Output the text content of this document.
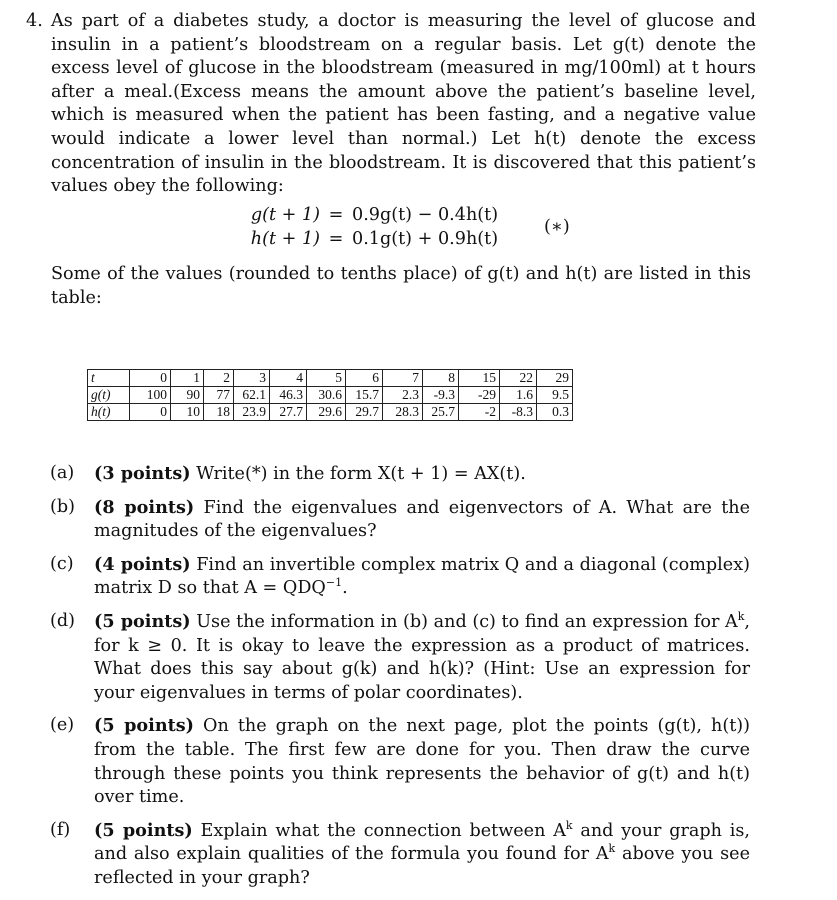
4. As part of a diabetes study, a doctor is measuring the level of glucose and insulin in a patient’s bloodstream on a regular basis. Let g(t) denote the excess level of glucose in the bloodstream (measured in mg/100ml) at t hours after a meal.(Excess means the amount above the patient’s baseline level, which is measured when the patient has been fasting, and a negative value would indicate a lower level than normal.) Let h(t) denote the excess concentration of insulin in the bloodstream. It is discovered that this patient’s values obey the following:
g(t + 1) = 0.9g(t) − 0.4h(t)
h(t + 1) = 0.1g(t) + 0.9h(t)
(∗)
Some of the values (rounded to tenths place) of g(t) and h(t) are listed in this table:
t	0	1	2	3	4	5	6	7	8	15	22	29
g(t)	100	90	77	62.1	46.3	30.6	15.7	2.3	-9.3	-29	1.6	9.5
h(t)	0	10	18	23.9	27.7	29.6	29.7	28.3	25.7	-2	-8.3	0.3
(a) (3 points) Write(*) in the form X(t + 1) = AX(t).
(b) (8 points) Find the eigenvalues and eigenvectors of A. What are the magnitudes of the eigenvalues?
(c) (4 points) Find an invertible complex matrix Q and a diagonal (complex) matrix D so that $A = QDQ^{-1}$.
(d) (5 points) Use the information in (b) and (c) to find an expression for $A^k$, for k ≥ 0. It is okay to leave the expression as a product of matrices. What does this say about g(k) and h(k)? (Hint: Use an expression for your eigenvalues in terms of polar coordinates).
(e) (5 points) On the graph on the next page, plot the points (g(t), h(t)) from the table. The first few are done for you. Then draw the curve through these points you think represents the behavior of g(t) and h(t) over time.
(f) (5 points) Explain what the connection between $A^k$ and your graph is, and also explain qualities of the formula you found for $A^k$ above you see reflected in your graph?
